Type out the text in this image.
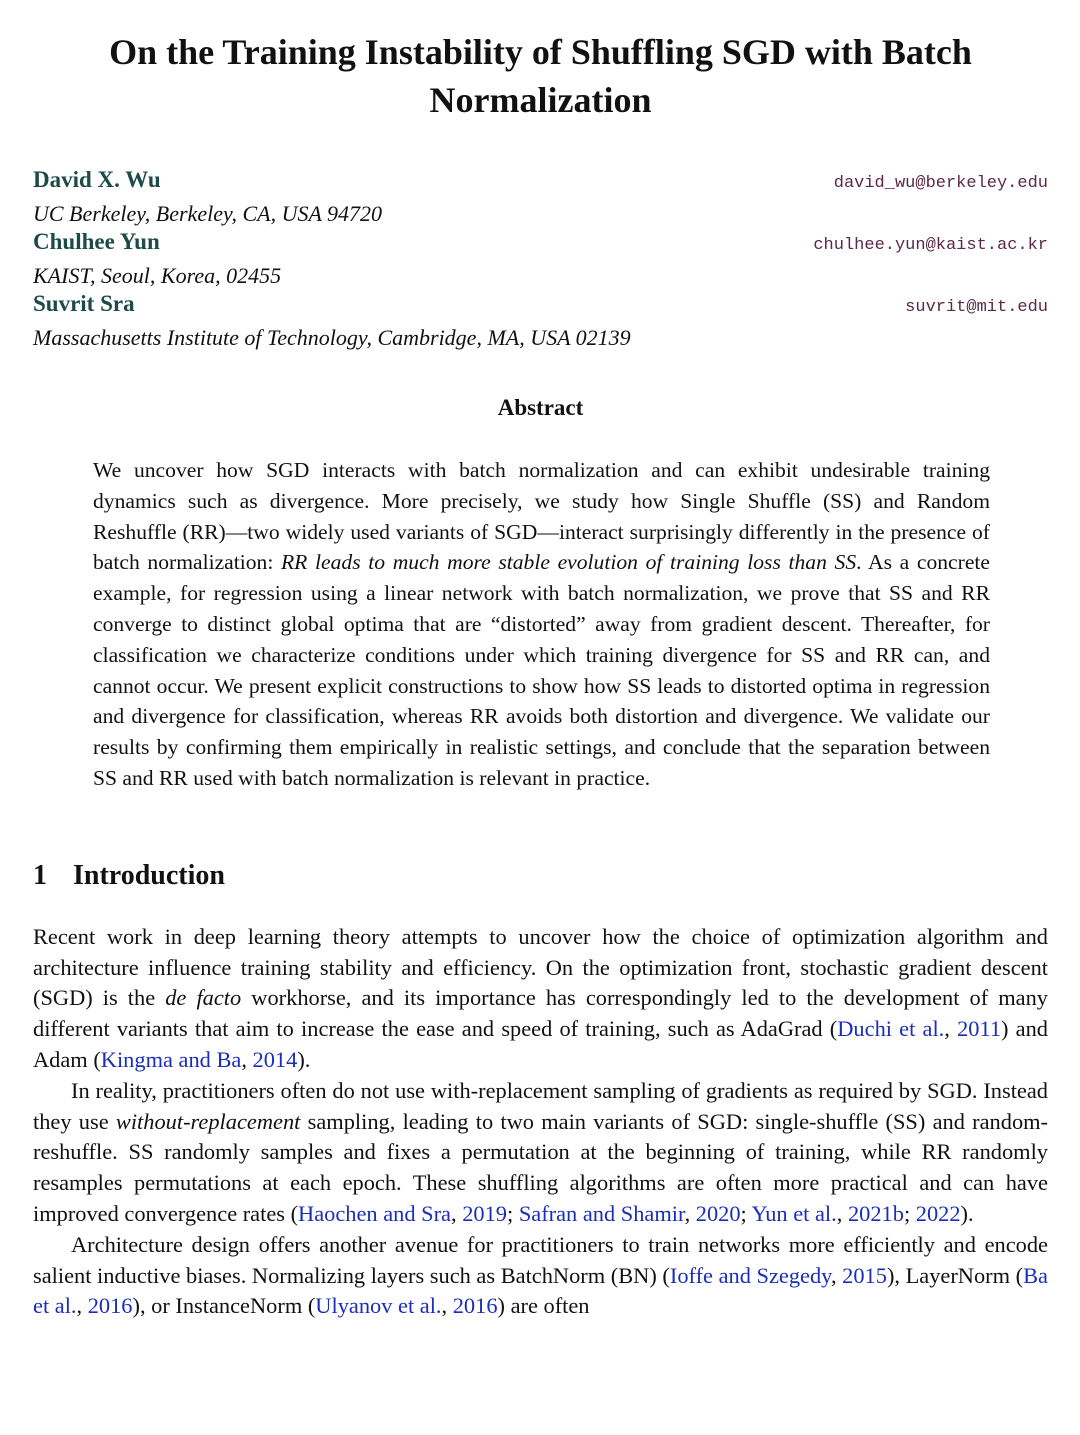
On the Training Instability of Shuffling SGD with Batch Normalization
David X. Wu	david_wu@berkeley.edu
UC Berkeley, Berkeley, CA, USA 94720
Chulhee Yun	chulhee.yun@kaist.ac.kr
KAIST, Seoul, Korea, 02455
Suvrit Sra	suvrit@mit.edu
Massachusetts Institute of Technology, Cambridge, MA, USA 02139
Abstract
We uncover how SGD interacts with batch normalization and can exhibit undesirable training dynamics such as divergence. More precisely, we study how Single Shuffle (SS) and Random Reshuffle (RR)—two widely used variants of SGD—interact surprisingly differently in the presence of batch normalization: RR leads to much more stable evolution of training loss than SS. As a concrete example, for regression using a linear network with batch normalization, we prove that SS and RR converge to distinct global optima that are “distorted” away from gradient descent. Thereafter, for classification we characterize conditions under which training divergence for SS and RR can, and cannot occur. We present explicit constructions to show how SS leads to distorted optima in regression and divergence for classification, whereas RR avoids both distortion and divergence. We validate our results by confirming them empirically in realistic settings, and conclude that the separation between SS and RR used with batch normalization is relevant in practice.
1 Introduction

Recent work in deep learning theory attempts to uncover how the choice of optimization algorithm and architecture influence training stability and efficiency. On the optimization front, stochastic gradient descent (SGD) is the de facto workhorse, and its importance has correspondingly led to the development of many different variants that aim to increase the ease and speed of training, such as AdaGrad (Duchi et al., 2011) and Adam (Kingma and Ba, 2014).

In reality, practitioners often do not use with-replacement sampling of gradients as required by SGD. Instead they use without-replacement sampling, leading to two main variants of SGD: single-shuffle (SS) and random-reshuffle. SS randomly samples and fixes a permutation at the beginning of training, while RR randomly resamples permutations at each epoch. These shuffling algorithms are often more practical and can have improved convergence rates (Haochen and Sra, 2019; Safran and Shamir, 2020; Yun et al., 2021b; 2022).

Architecture design offers another avenue for practitioners to train networks more efficiently and encode salient inductive biases. Normalizing layers such as BatchNorm (BN) (Ioffe and Szegedy, 2015), LayerNorm (Ba et al., 2016), or InstanceNorm (Ulyanov et al., 2016) are often
